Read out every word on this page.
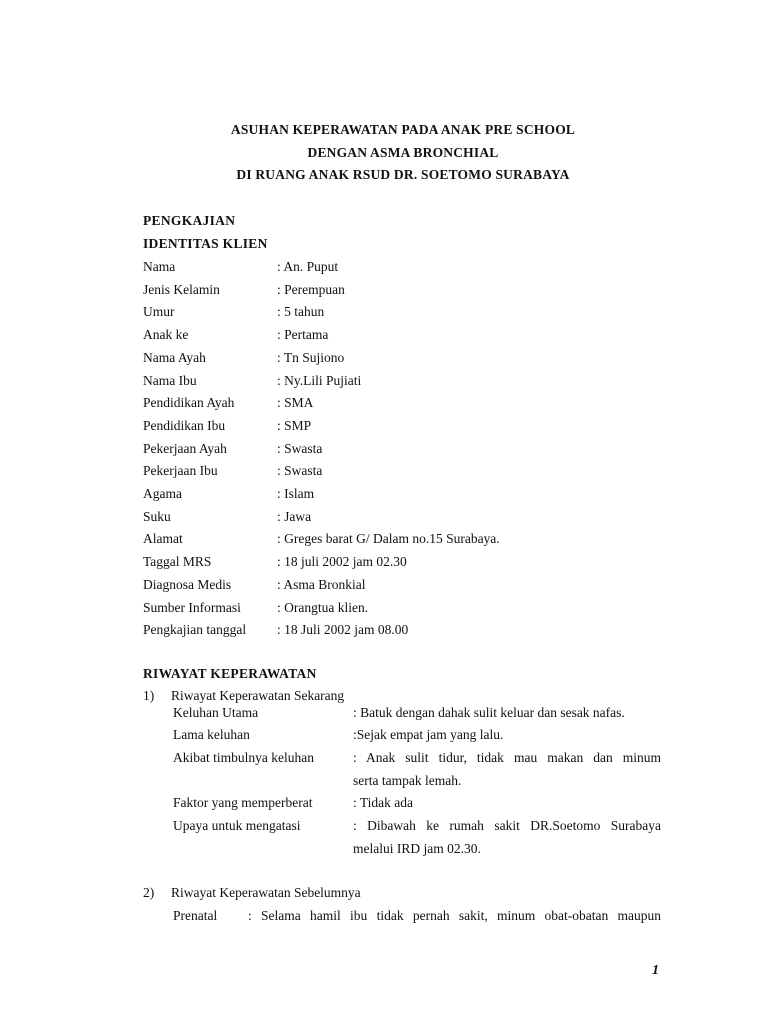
ASUHAN KEPERAWATAN PADA ANAK PRE SCHOOL
DENGAN ASMA BRONCHIAL
DI RUANG ANAK RSUD DR. SOETOMO SURABAYA
PENGKAJIAN
IDENTITAS KLIEN
Nama	: An. Puput
Jenis Kelamin	: Perempuan
Umur	: 5 tahun
Anak ke	: Pertama
Nama Ayah	: Tn Sujiono
Nama Ibu	: Ny.Lili Pujiati
Pendidikan Ayah	: SMA
Pendidikan Ibu	: SMP
Pekerjaan Ayah	: Swasta
Pekerjaan Ibu	: Swasta
Agama	: Islam
Suku	: Jawa
Alamat	: Greges barat G/ Dalam no.15 Surabaya.
Taggal MRS	: 18 juli 2002 jam 02.30
Diagnosa Medis	: Asma Bronkial
Sumber Informasi	: Orangtua klien.
Pengkajian tanggal : 18 Juli 2002 jam 08.00
RIWAYAT KEPERAWATAN
1) Riwayat Keperawatan Sekarang
Keluhan Utama	: Batuk dengan dahak sulit keluar dan sesak nafas.
Lama keluhan	:Sejak empat jam yang lalu.
Akibat timbulnya keluhan	: Anak sulit tidur, tidak mau makan dan minum
serta tampak lemah.
Faktor yang memperberat	: Tidak ada
Upaya untuk mengatasi	: Dibawah ke rumah sakit DR.Soetomo Surabaya
melalui IRD jam 02.30.
2) Riwayat Keperawatan Sebelumnya
Prenatal : Selama hamil ibu tidak pernah sakit, minum obat-obatan maupun
1
